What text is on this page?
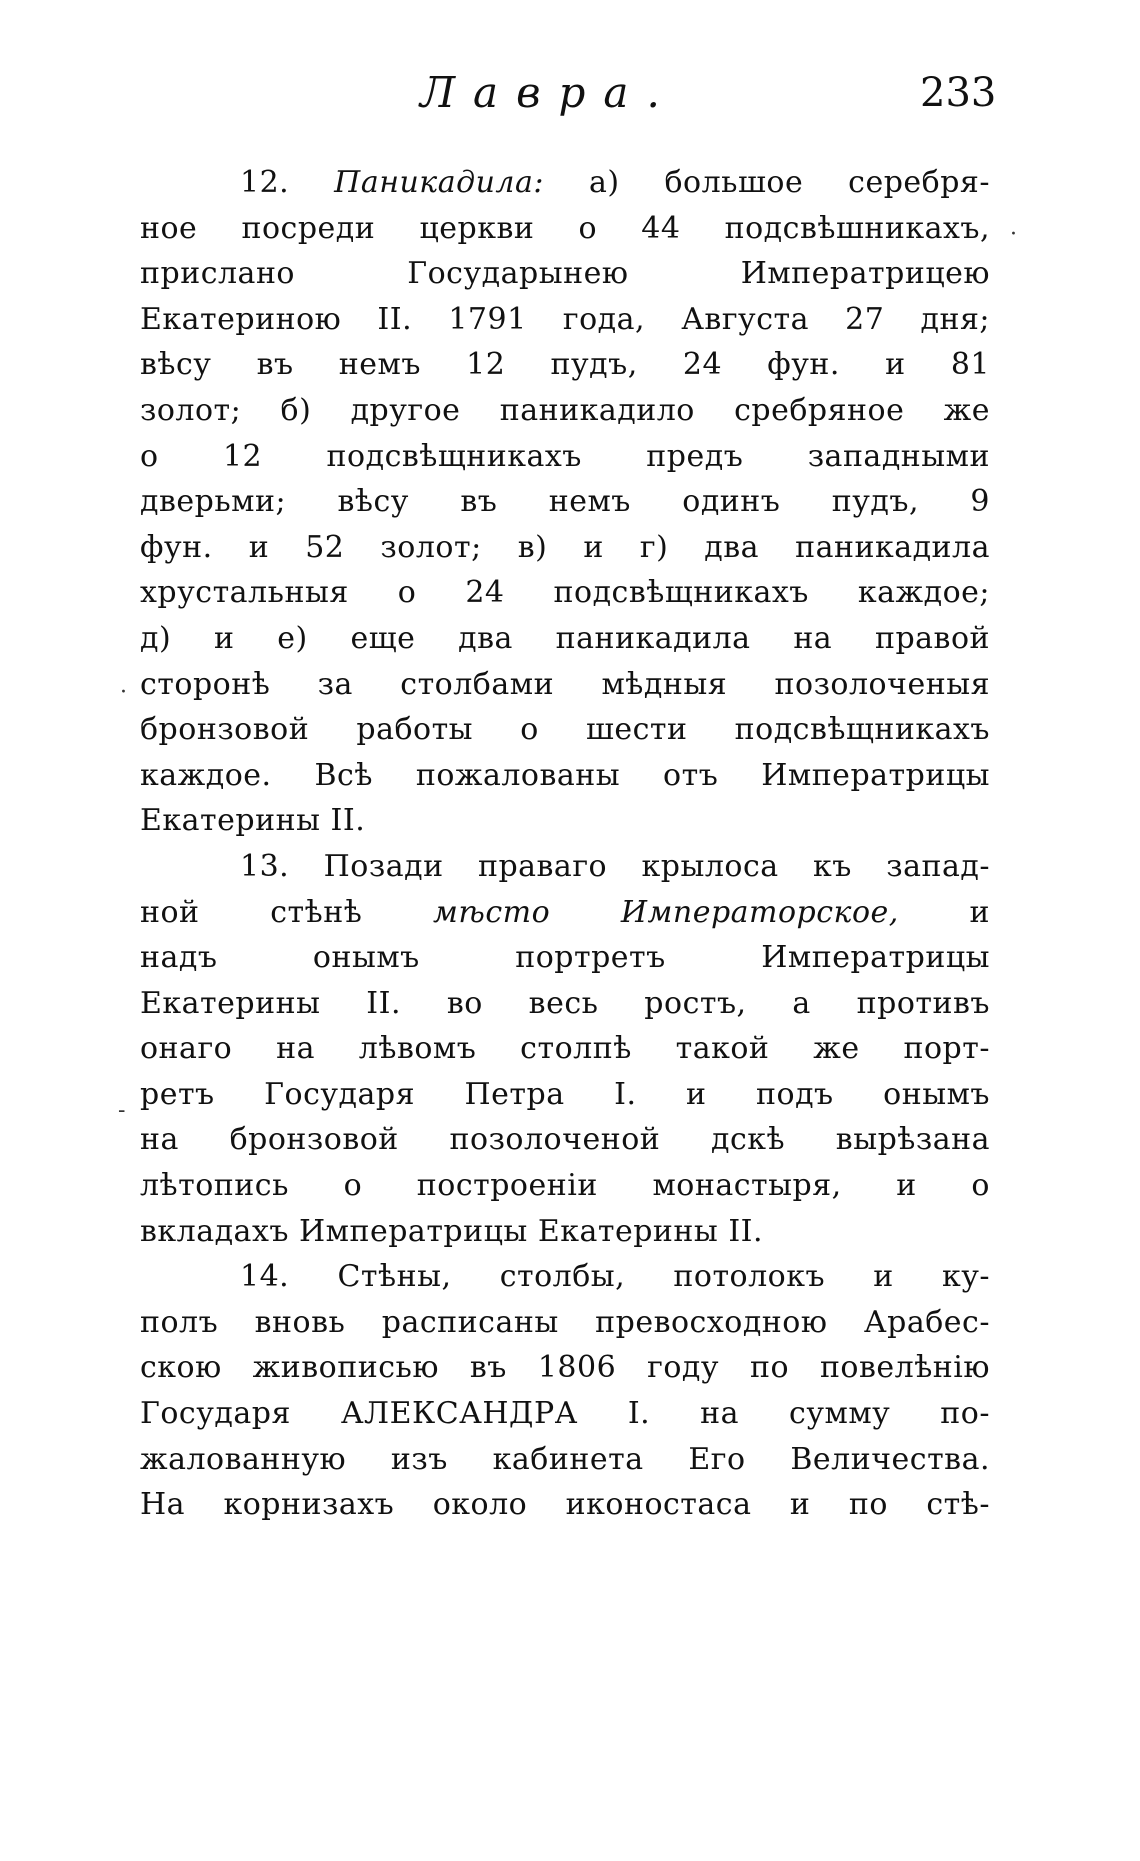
Лавра.	233
·
·
-
12. Паникадила: а) большое серебря-
ное посреди церкви о 44 подсвѣшникахъ,
прислано Государынею Императрицею
Екатериною II. 1791 года, Августа 27 дня;
вѣсу въ немъ 12 пудъ, 24 фун. и 81
золот; б) другое паникадило сребряное же
о 12 подсвѣщникахъ предъ западными
дверьми; вѣсу въ немъ одинъ пудъ, 9
фун. и 52 золот; в) и г) два паникадила
хрустальныя о 24 подсвѣщникахъ каждое;
д) и е) еще два паникадила на правой
сторонѣ за столбами мѣдныя позолоченыя
бронзовой работы о шести подсвѣщникахъ
каждое. Всѣ пожалованы отъ Императрицы
Екатерины II.
13. Позади праваго крылоса къ запад-
ной стѣнѣ мѣсто Императорское, и
надъ онымъ портретъ Императрицы
Екатерины II. во весь ростъ, а противъ
онаго на лѣвомъ столпѣ такой же порт-
ретъ Государя Петра I. и подъ онымъ
на бронзовой позолоченой дскѣ вырѣзана
лѣтопись о построеніи монастыря, и о
вкладахъ Императрицы Екатерины II.
14. Стѣны, столбы, потолокъ и ку-
полъ вновь расписаны превосходною Арабес-
скою живописью въ 1806 году по повелѣнію
Государя АЛЕКСАНДРА I. на сумму по-
жалованную изъ кабинета Его Величества.
На корнизахъ около иконостаса и по стѣ-
